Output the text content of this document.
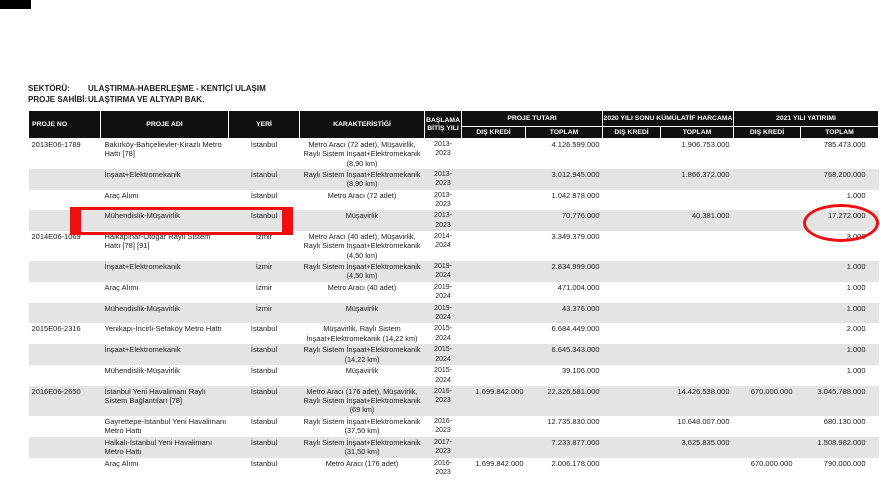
SEKTÖRÜ:	ULAŞTIRMA-HABERLEŞME - KENTİÇİ ULAŞIM
PROJE SAHİBİ: ULAŞTIRMA VE ALTYAPI BAK.
PROJE NO	PROJE ADI	YERİ	KARAKTERİSTİĞİ	BAŞLAMA BİTİŞ YILI	PROJE TUTARI		2020 YILI SONU KÜMÜLATİF HARCAMA		2021 YILI YATIRIMI	
					DIŞ KREDİ	TOPLAM	DIŞ KREDİ	TOPLAM	DIŞ KREDİ	TOPLAM
2013E06-1789	Bakırköy-Bahçelievler-Kirazlı Metro Hattı [78]	İstanbul	Metro Aracı (72 adet), Müşavirlik, Raylı Sistem İnşaat+Elektromekanik (8,90 km)	2013-2023		4.126.599.000		1.906.753.000		785.473.000
	İnşaat+Elektromekanik	İstanbul	Raylı Sistem İnşaat+Elektromekanik (8,90 km)	2013-2023		3.012.945.000		1.866.372.000		768.200.000
	Araç Alımı	İstanbul	Metro Aracı (72 adet)	2013-2023		1.042.878.000				1.000
	Mühendislik-Müşavirlik	İstanbul	Müşavirlik	2013-2023		70.776.000		40.381.000		17.272.000
2014E06-1069	Halkapınar-Otogar Raylı Sistem Hattı [78] [91]	İzmir	Metro Aracı (40 adet), Müşavirlik, Raylı Sistem İnşaat+Elektromekanik (4,50 km)	2014-2024		3.349.379.000				3.000
	İnşaat+Elektromekanik	İzmir	Raylı Sistem İnşaat+Elektromekanik (4,50 km)	2019-2024		2.834.999.000				1.000
	Araç Alımı	İzmir	Metro Aracı (40 adet)	2019-2024		471.004.000				1.000
	Mühendislik-Müşavirlik	İzmir	Müşavirlik	2019-2024		43.376.000				1.000
2015E06-2316	Yenikapı-İncirli-Sefaköy Metro Hattı	İstanbul	Müşavirlik, Raylı Sistem İnşaat+Elektromekanik (14,22 km)	2015-2024		6.684.449.000				2.000
	İnşaat+Elektromekanik	İstanbul	Raylı Sistem İnşaat+Elektromekanik (14,22 km)	2015-2024		6.645.343.000				1.000
	Mühendislik-Müşavirlik	İstanbul	Müşavirlik	2015-2024		39.106.000				1.000
2016E06-2650	İstanbul Yeni Havalimanı Raylı Sistem Bağlantıları [78]	İstanbul	Metro Aracı (176 adet), Müşavirlik, Raylı Sistem İnşaat+Elektromekanik (69 km)	2016-2023	1.699.842.000	22.326.581.000		14.426.538.000	670.000.000	3.045.788.000
	Gayrettepe-İstanbul Yeni Havalimanı Metro Hattı	İstanbul	Raylı Sistem İnşaat+Elektromekanik (37,50 km)	2016-2023		12.735.830.000		10.648.007.000		680.130.000
	Halkalı-İstanbul Yeni Havalimanı Metro Hattı	İstanbul	Raylı Sistem İnşaat+Elektromekanik (31,50 km)	2017-2023		7.233.877.000		3.625.835.000		1.508.982.000
	Araç Alımı	İstanbul	Metro Aracı (176 adet)	2016-2023	1.699.842.000	2.006.178.000			670.000.000	790.000.000
